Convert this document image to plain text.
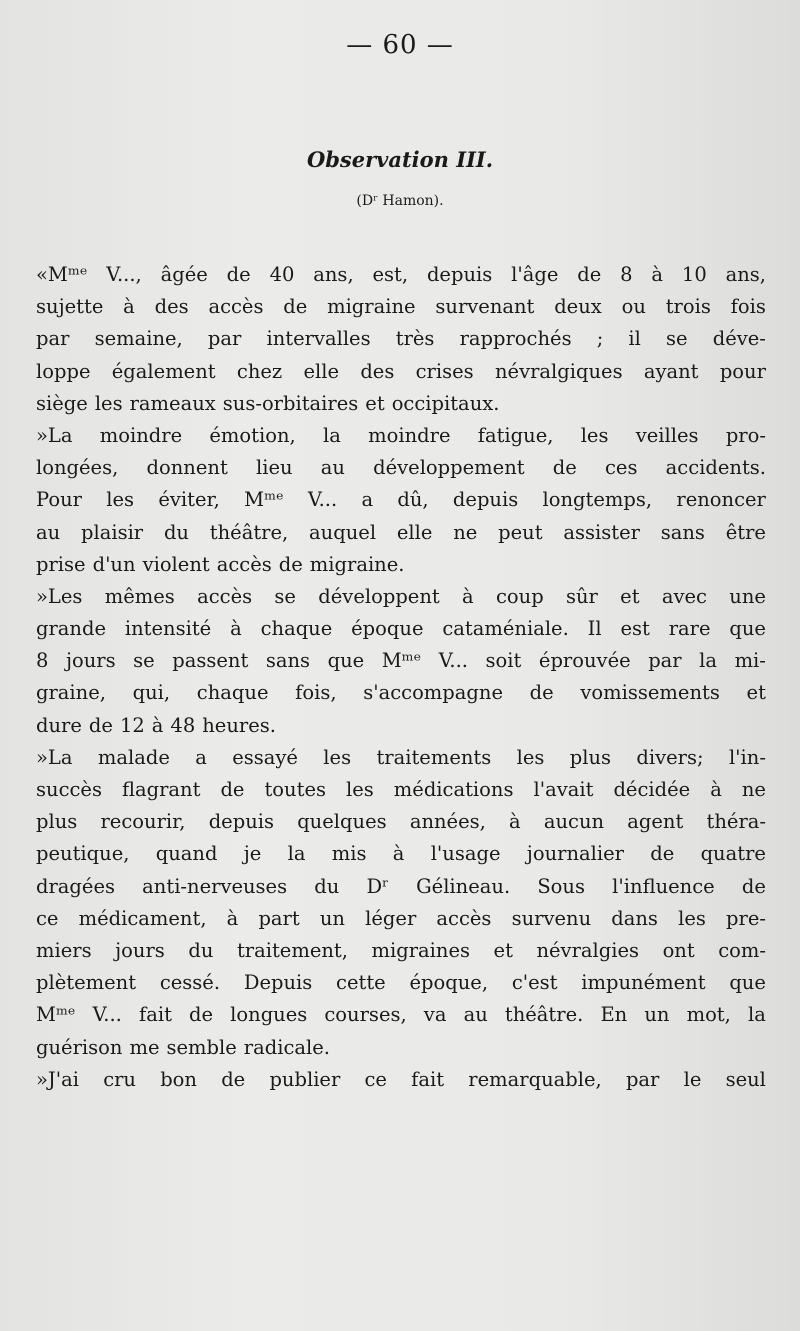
— 60 —
Observation III.
(Dʳ Hamon).
«Mᵐᵉ V..., âgée de 40 ans, est, depuis l'âge de 8 à 10 ans,
sujette à des accès de migraine survenant deux ou trois fois
par semaine, par intervalles très rapprochés ; il se déve-
loppe également chez elle des crises névralgiques ayant pour
siège les rameaux sus-orbitaires et occipitaux.
»La moindre émotion, la moindre fatigue, les veilles pro-
longées, donnent lieu au développement de ces accidents.
Pour les éviter, Mᵐᵉ V... a dû, depuis longtemps, renoncer
au plaisir du théâtre, auquel elle ne peut assister sans être
prise d'un violent accès de migraine.
»Les mêmes accès se développent à coup sûr et avec une
grande intensité à chaque époque cataméniale. Il est rare que
8 jours se passent sans que Mᵐᵉ V... soit éprouvée par la mi-
graine, qui, chaque fois, s'accompagne de vomissements et
dure de 12 à 48 heures.
»La malade a essayé les traitements les plus divers; l'in-
succès flagrant de toutes les médications l'avait décidée à ne
plus recourir, depuis quelques années, à aucun agent théra-
peutique, quand je la mis à l'usage journalier de quatre
dragées anti-nerveuses du Dʳ Gélineau. Sous l'influence de
ce médicament, à part un léger accès survenu dans les pre-
miers jours du traitement, migraines et névralgies ont com-
plètement cessé. Depuis cette époque, c'est impunément que
Mᵐᵉ V... fait de longues courses, va au théâtre. En un mot, la
guérison me semble radicale.
»J'ai cru bon de publier ce fait remarquable, par le seul
